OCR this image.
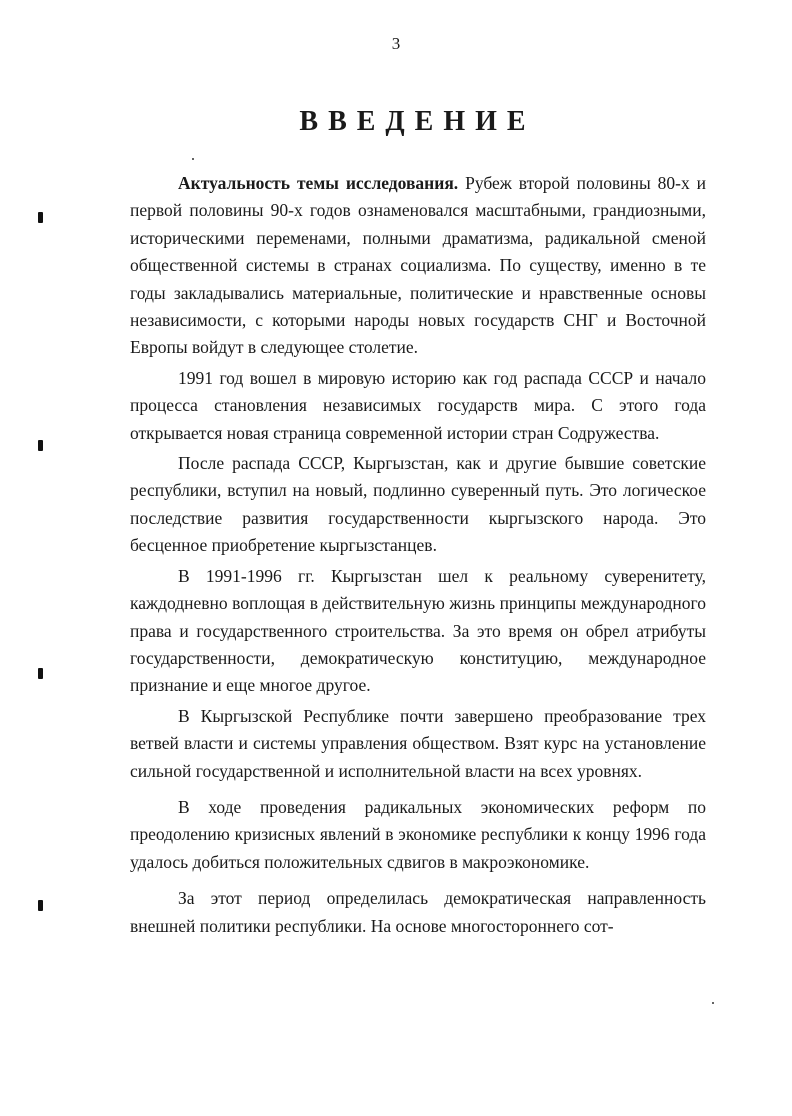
3
ВВЕДЕНИЕ

Актуальность темы исследования. Рубеж второй половины 80-х и первой половины 90-х годов ознаменовался масштабными, грандиозными, историческими переменами, полными драматизма, радикальной сменой общественной системы в странах социализма. По существу, именно в те годы закладывались материальные, политические и нравственные основы независимости, с которыми народы новых государств СНГ и Восточной Европы войдут в следующее столетие.

1991 год вошел в мировую историю как год распада СССР и начало процесса становления независимых государств мира. С этого года открывается новая страница современной истории стран Содружества.

После распада СССР, Кыргызстан, как и другие бывшие советские республики, вступил на новый, подлинно суверенный путь. Это логическое последствие развития государственности кыргызского народа. Это бесценное приобретение кыргызстанцев.

В 1991-1996 гг. Кыргызстан шел к реальному суверенитету, каждодневно воплощая в действительную жизнь принципы международного права и государственного строительства. За это время он обрел атрибуты государственности, демократическую конституцию, международное признание и еще многое другое.

В Кыргызской Республике почти завершено преобразование трех ветвей власти и системы управления обществом. Взят курс на установление сильной государственной и исполнительной власти на всех уровнях.

В ходе проведения радикальных экономических реформ по преодолению кризисных явлений в экономике республики к концу 1996 года удалось добиться положительных сдвигов в макроэкономике.

За этот период определилась демократическая направленность внешней политики республики. На основе многостороннего сот-
